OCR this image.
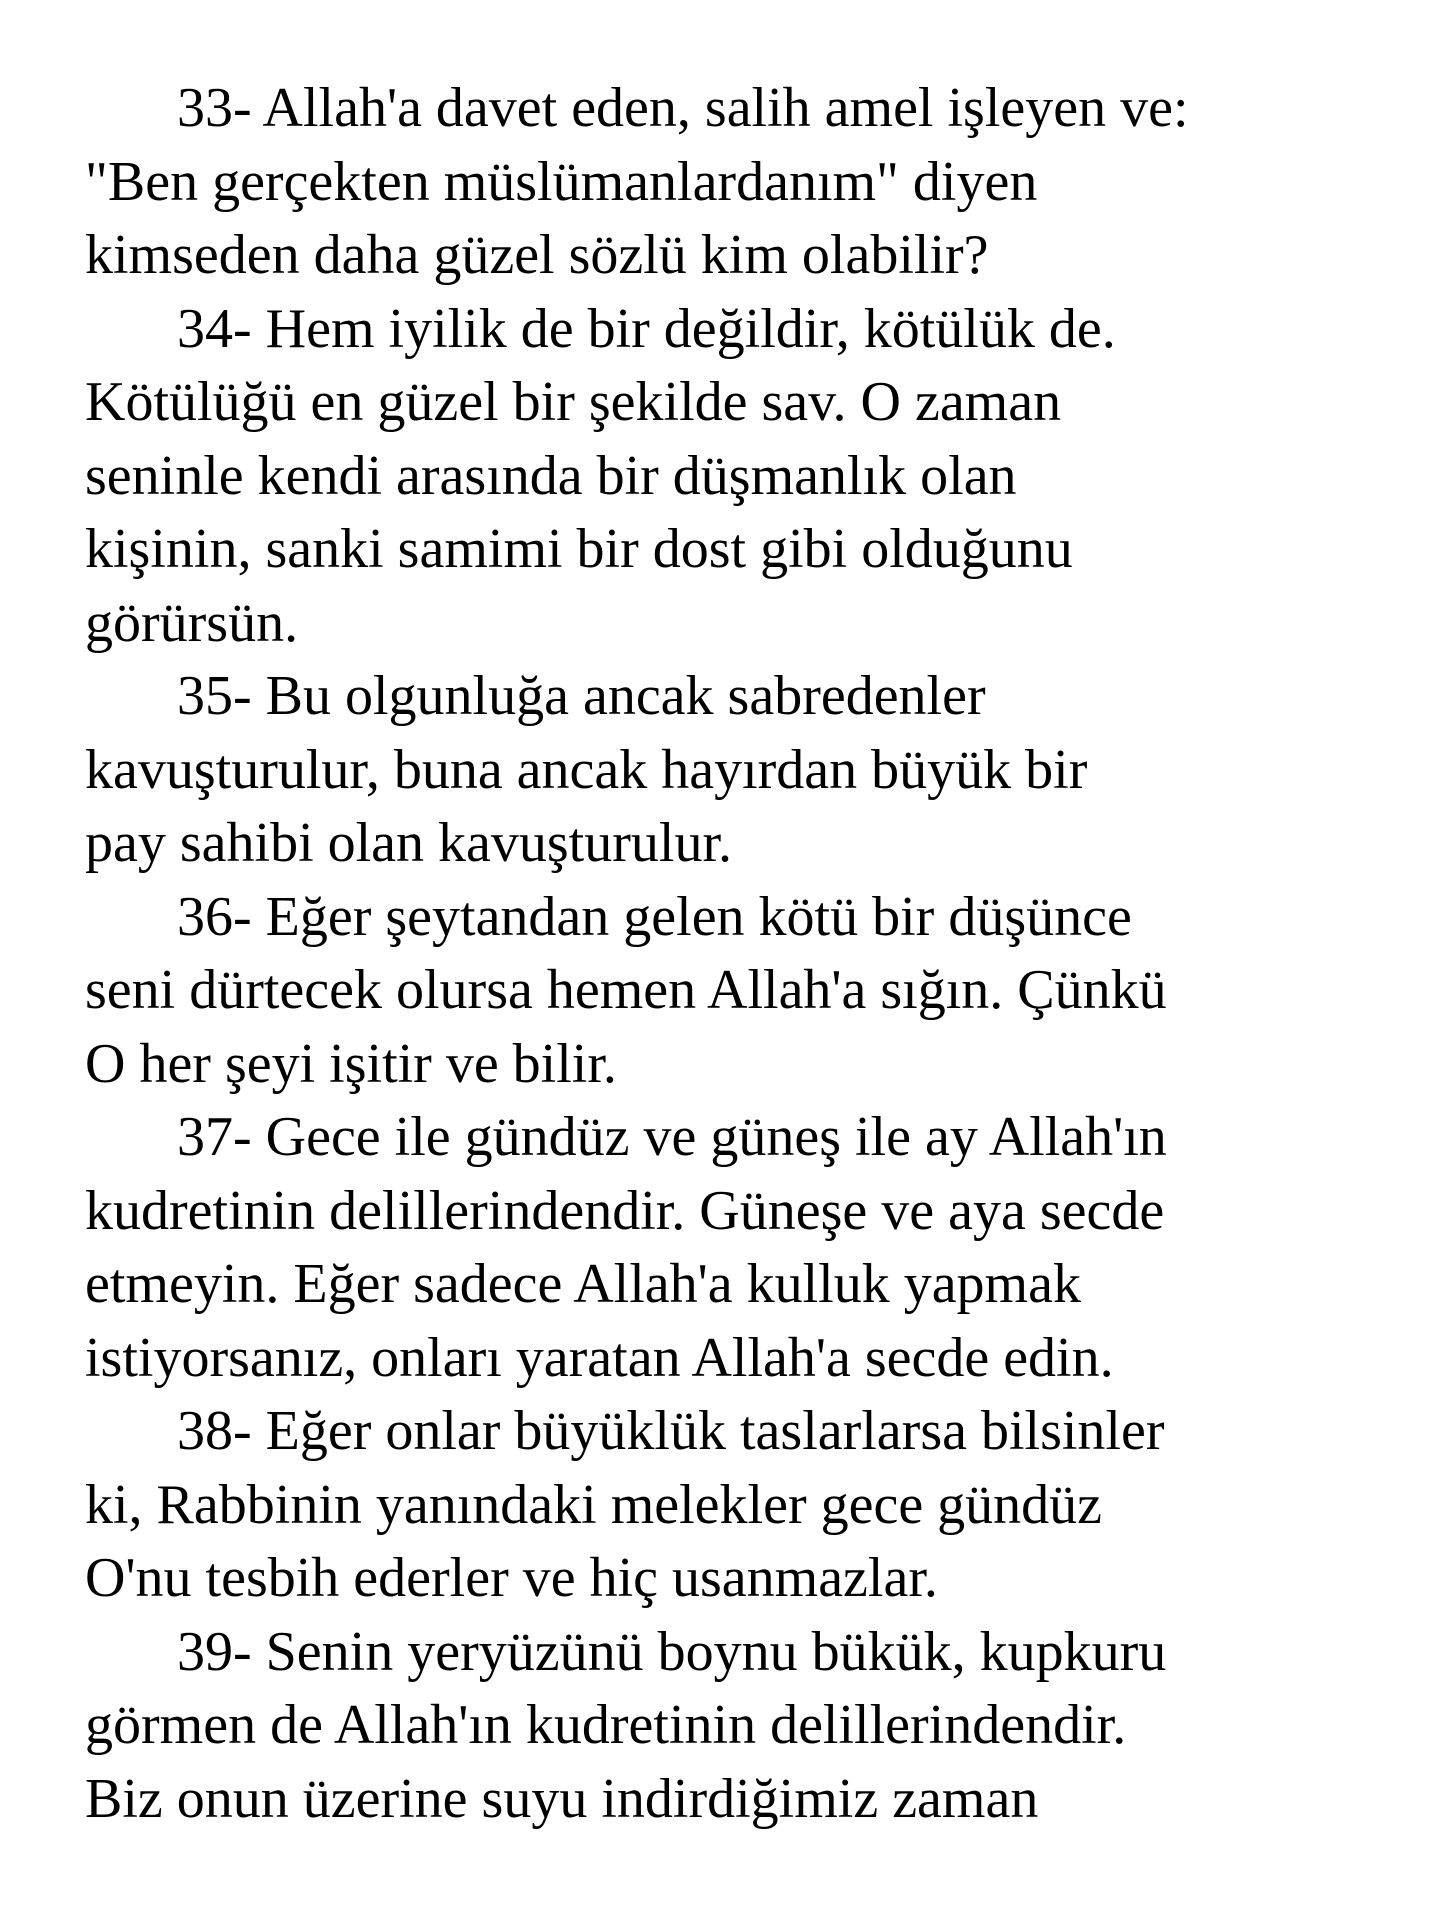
33- Allah'a davet eden, salih amel işleyen ve:
"Ben gerçekten müslümanlardanım" diyen
kimseden daha güzel sözlü kim olabilir?
34- Hem iyilik de bir değildir, kötülük de.
Kötülüğü en güzel bir şekilde sav. O zaman
seninle kendi arasında bir düşmanlık olan
kişinin, sanki samimi bir dost gibi olduğunu
görürsün.
35- Bu olgunluğa ancak sabredenler
kavuşturulur, buna ancak hayırdan büyük bir
pay sahibi olan kavuşturulur.
36- Eğer şeytandan gelen kötü bir düşünce
seni dürtecek olursa hemen Allah'a sığın. Çünkü
O her şeyi işitir ve bilir.
37- Gece ile gündüz ve güneş ile ay Allah'ın
kudretinin delillerindendir. Güneşe ve aya secde
etmeyin. Eğer sadece Allah'a kulluk yapmak
istiyorsanız, onları yaratan Allah'a secde edin.
38- Eğer onlar büyüklük taslarlarsa bilsinler
ki, Rabbinin yanındaki melekler gece gündüz
O'nu tesbih ederler ve hiç usanmazlar.
39- Senin yeryüzünü boynu bükük, kupkuru
görmen de Allah'ın kudretinin delillerindendir.
Biz onun üzerine suyu indirdiğimiz zaman
